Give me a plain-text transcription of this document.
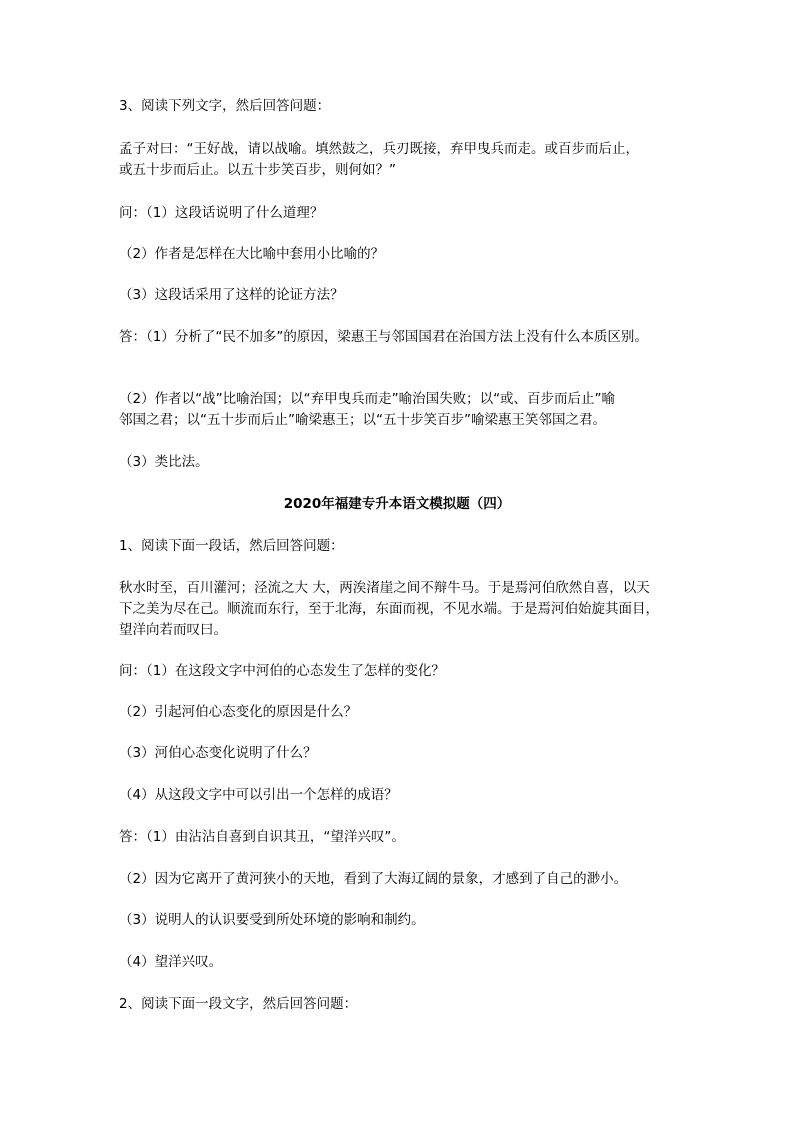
3、阅读下列文字，然后回答问题：
孟子对曰：“王好战，请以战喻。填然鼓之，兵刃既接，弃甲曳兵而走。或百步而后止，
或五十步而后止。以五十步笑百步，则何如？”
问：（1）这段话说明了什么道理？
（2）作者是怎样在大比喻中套用小比喻的？
（3）这段话采用了这样的论证方法？
答：（1）分析了“民不加多”的原因，梁惠王与邻国国君在治国方法上没有什么本质区别。
（2）作者以“战”比喻治国；以“弃甲曳兵而走”喻治国失败；以“或、百步而后止”喻
邻国之君；以“五十步而后止”喻梁惠王；以“五十步笑百步”喻梁惠王笑邻国之君。
（3）类比法。
2020年福建专升本语文模拟题（四）
1、阅读下面一段话，然后回答问题：
秋水时至，百川灌河；泾流之大 大，两涘渚崖之间不辩牛马。于是焉河伯欣然自喜，以天
下之美为尽在己。顺流而东行，至于北海，东面而视，不见水端。于是焉河伯始旋其面目，
望洋向若而叹曰。
问：（1）在这段文字中河伯的心态发生了怎样的变化？
（2）引起河伯心态变化的原因是什么？
（3）河伯心态变化说明了什么？
（4）从这段文字中可以引出一个怎样的成语？
答：（1）由沾沾自喜到自识其丑，“望洋兴叹”。
（2）因为它离开了黄河狭小的天地，看到了大海辽阔的景象，才感到了自己的渺小。
（3）说明人的认识要受到所处环境的影响和制约。
（4）望洋兴叹。
2、阅读下面一段文字，然后回答问题：
